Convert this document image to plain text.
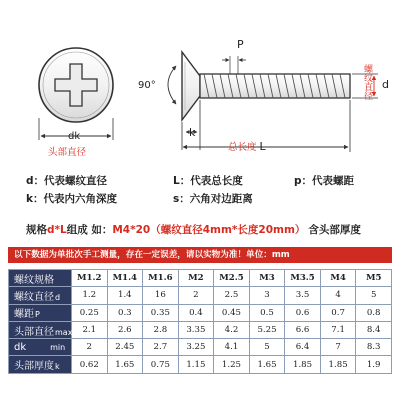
P
螺纹直径 d
90°
k
dk
头部直径	总长度 L
d：代表螺纹直径	L：代表总长度	p：代表螺距
k：代表内六角深度	s：六角对边距离
规格d*L组成 如：M4*20（螺纹直径4mm*长度20mm） 含头部厚度
以下数据为单批次手工测量，存在一定误差，请以实物为准！单位：mm
螺纹规格	M1.2	M1.4	M1.6	M2	M2.5	M3	M3.5	M4	M5
螺纹直径d	1.2	1.4	16	2	2.5	3	3.5	4	5
螺距P	0.25	0.3	0.35	0.4	0.45	0.5	0.6	0.7	0.8
头部直径max	2.1	2.6	2.8	3.35	4.2	5.25	6.6	7.1	8.4
dk min	2	2.45	2.7	3.25	4.1	5	6.4	7	8.3
头部厚度k	0.62	1.65	0.75	1.15	1.25	1.65	1.85	1.85	1.9
